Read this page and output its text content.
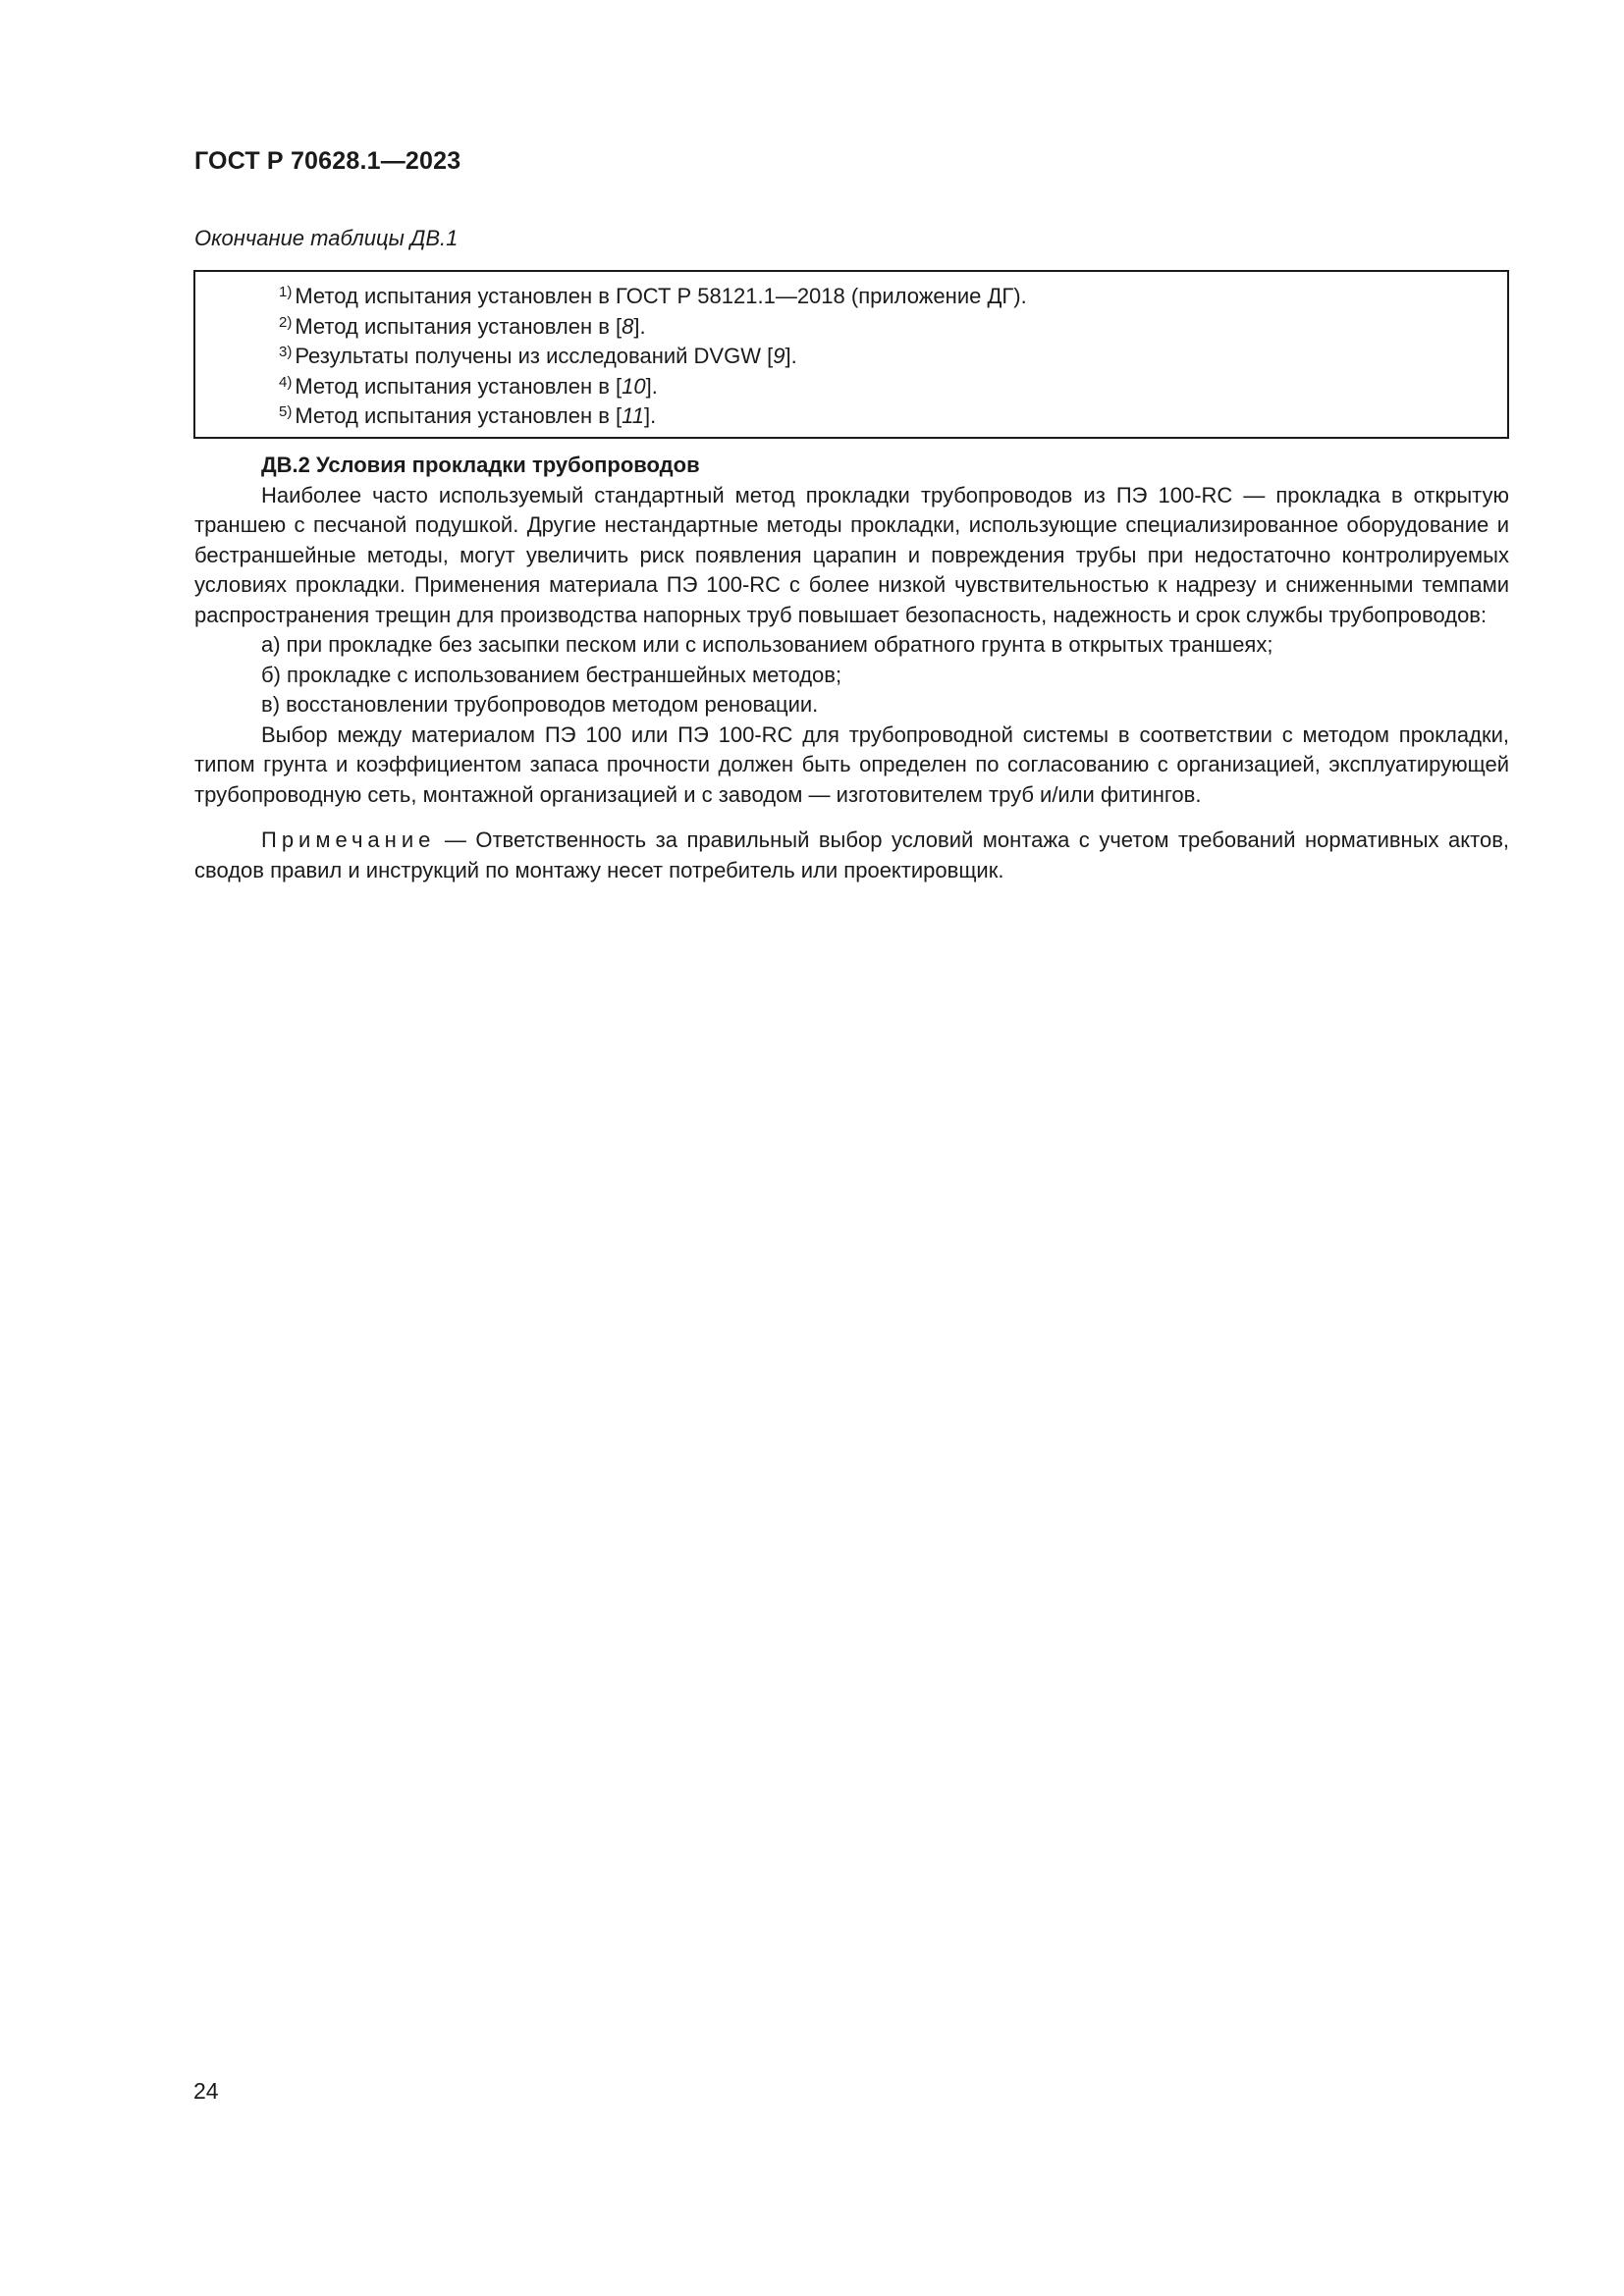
ГОСТ Р 70628.1—2023
Окончание таблицы ДВ.1
$^{1)}$ Метод испытания установлен в ГОСТ Р 58121.1—2018 (приложение ДГ).
$^{2)}$ Метод испытания установлен в [8].
$^{3)}$ Результаты получены из исследований DVGW [9].
$^{4)}$ Метод испытания установлен в [10].
$^{5)}$ Метод испытания установлен в [11].
ДВ.2 Условия прокладки трубопроводов

Наиболее часто используемый стандартный метод прокладки трубопроводов из ПЭ 100-RC — прокладка в открытую траншею с песчаной подушкой. Другие нестандартные методы прокладки, использующие специализированное оборудование и бестраншейные методы, могут увеличить риск появления царапин и повреждения трубы при недостаточно контролируемых условиях прокладки. Применения материала ПЭ 100-RC с более низкой чувствительностью к надрезу и сниженными темпами распространения трещин для производства напорных труб повышает безопасность, надежность и срок службы трубопроводов:

а) при прокладке без засыпки песком или с использованием обратного грунта в открытых траншеях;

б) прокладке с использованием бестраншейных методов;

в) восстановлении трубопроводов методом реновации.

Выбор между материалом ПЭ 100 или ПЭ 100-RC для трубопроводной системы в соответствии с методом прокладки, типом грунта и коэффициентом запаса прочности должен быть определен по согласованию с организацией, эксплуатирующей трубопроводную сеть, монтажной организацией и с заводом — изготовителем труб и/или фитингов.

Примечание — Ответственность за правильный выбор условий монтажа с учетом требований нормативных актов, сводов правил и инструкций по монтажу несет потребитель или проектировщик.

24
